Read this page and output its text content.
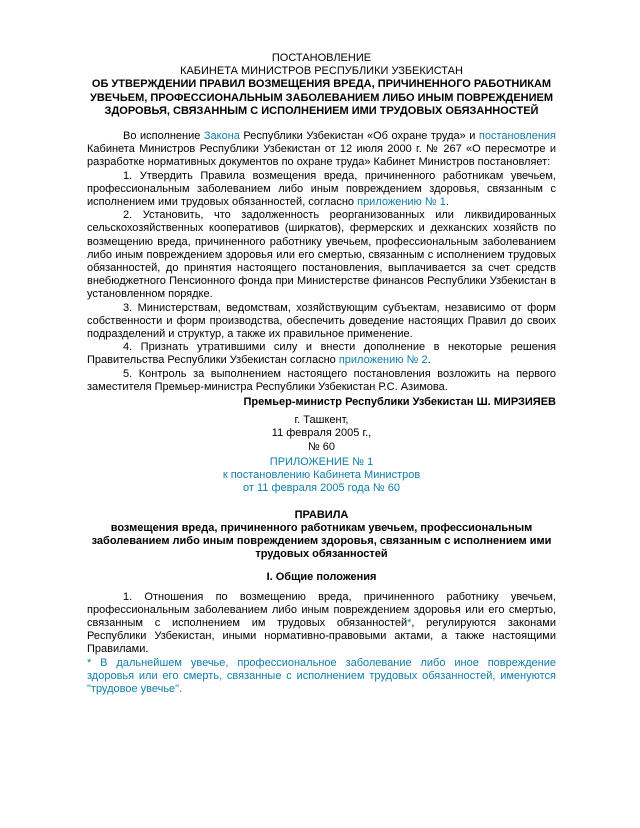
ПОСТАНОВЛЕНИЕ
КАБИНЕТА МИНИСТРОВ РЕСПУБЛИКИ УЗБЕКИСТАН
ОБ УТВЕРЖДЕНИИ ПРАВИЛ ВОЗМЕЩЕНИЯ ВРЕДА, ПРИЧИНЕННОГО РАБОТНИКАМ УВЕЧЬЕМ, ПРОФЕССИОНАЛЬНЫМ ЗАБОЛЕВАНИЕМ ЛИБО ИНЫМ ПОВРЕЖДЕНИЕМ ЗДОРОВЬЯ, СВЯЗАННЫМ С ИСПОЛНЕНИЕМ ИМИ ТРУДОВЫХ ОБЯЗАННОСТЕЙ

Во исполнение Закона Республики Узбекистан «Об охране труда» и постановления Кабинета Министров Республики Узбекистан от 12 июля 2000 г. № 267 «О пересмотре и разработке нормативных документов по охране труда» Кабинет Министров постановляет:

1. Утвердить Правила возмещения вреда, причиненного работникам увечьем, профессиональным заболеванием либо иным повреждением здоровья, связанным с исполнением ими трудовых обязанностей, согласно приложению № 1.

2. Установить, что задолженность реорганизованных или ликвидированных сельскохозяйственных кооперативов (ширкатов), фермерских и дехканских хозяйств по возмещению вреда, причиненного работнику увечьем, профессиональным заболеванием либо иным повреждением здоровья или его смертью, связанным с исполнением трудовых обязанностей, до принятия настоящего постановления, выплачивается за счет средств внебюджетного Пенсионного фонда при Министерстве финансов Республики Узбекистан в установленном порядке.

3. Министерствам, ведомствам, хозяйствующим субъектам, независимо от форм собственности и форм производства, обеспечить доведение настоящих Правил до своих подразделений и структур, а также их правильное применение.

4. Признать утратившими силу и внести дополнение в некоторые решения Правительства Республики Узбекистан согласно приложению № 2.

5. Контроль за выполнением настоящего постановления возложить на первого заместителя Премьер-министра Республики Узбекистан Р.С. Азимова.

Премьер-министр Республики Узбекистан Ш. МИРЗИЯЕВ
г. Ташкент,
11 февраля 2005 г.,
№ 60
ПРИЛОЖЕНИЕ № 1
к постановлению Кабинета Министров
от 11 февраля 2005 года № 60
ПРАВИЛА
возмещения вреда, причиненного работникам увечьем, профессиональным заболеванием либо иным повреждением здоровья, связанным с исполнением ими трудовых обязанностей
I. Общие положения

1. Отношения по возмещению вреда, причиненного работнику увечьем, профессиональным заболеванием либо иным повреждением здоровья или его смертью, связанным с исполнением им трудовых обязанностей*, регулируются законами Республики Узбекистан, иными нормативно-правовыми актами, а также настоящими Правилами.

* В дальнейшем увечье, профессиональное заболевание либо иное повреждение здоровья или его смерть, связанные с исполнением трудовых обязанностей, именуются "трудовое увечье".
